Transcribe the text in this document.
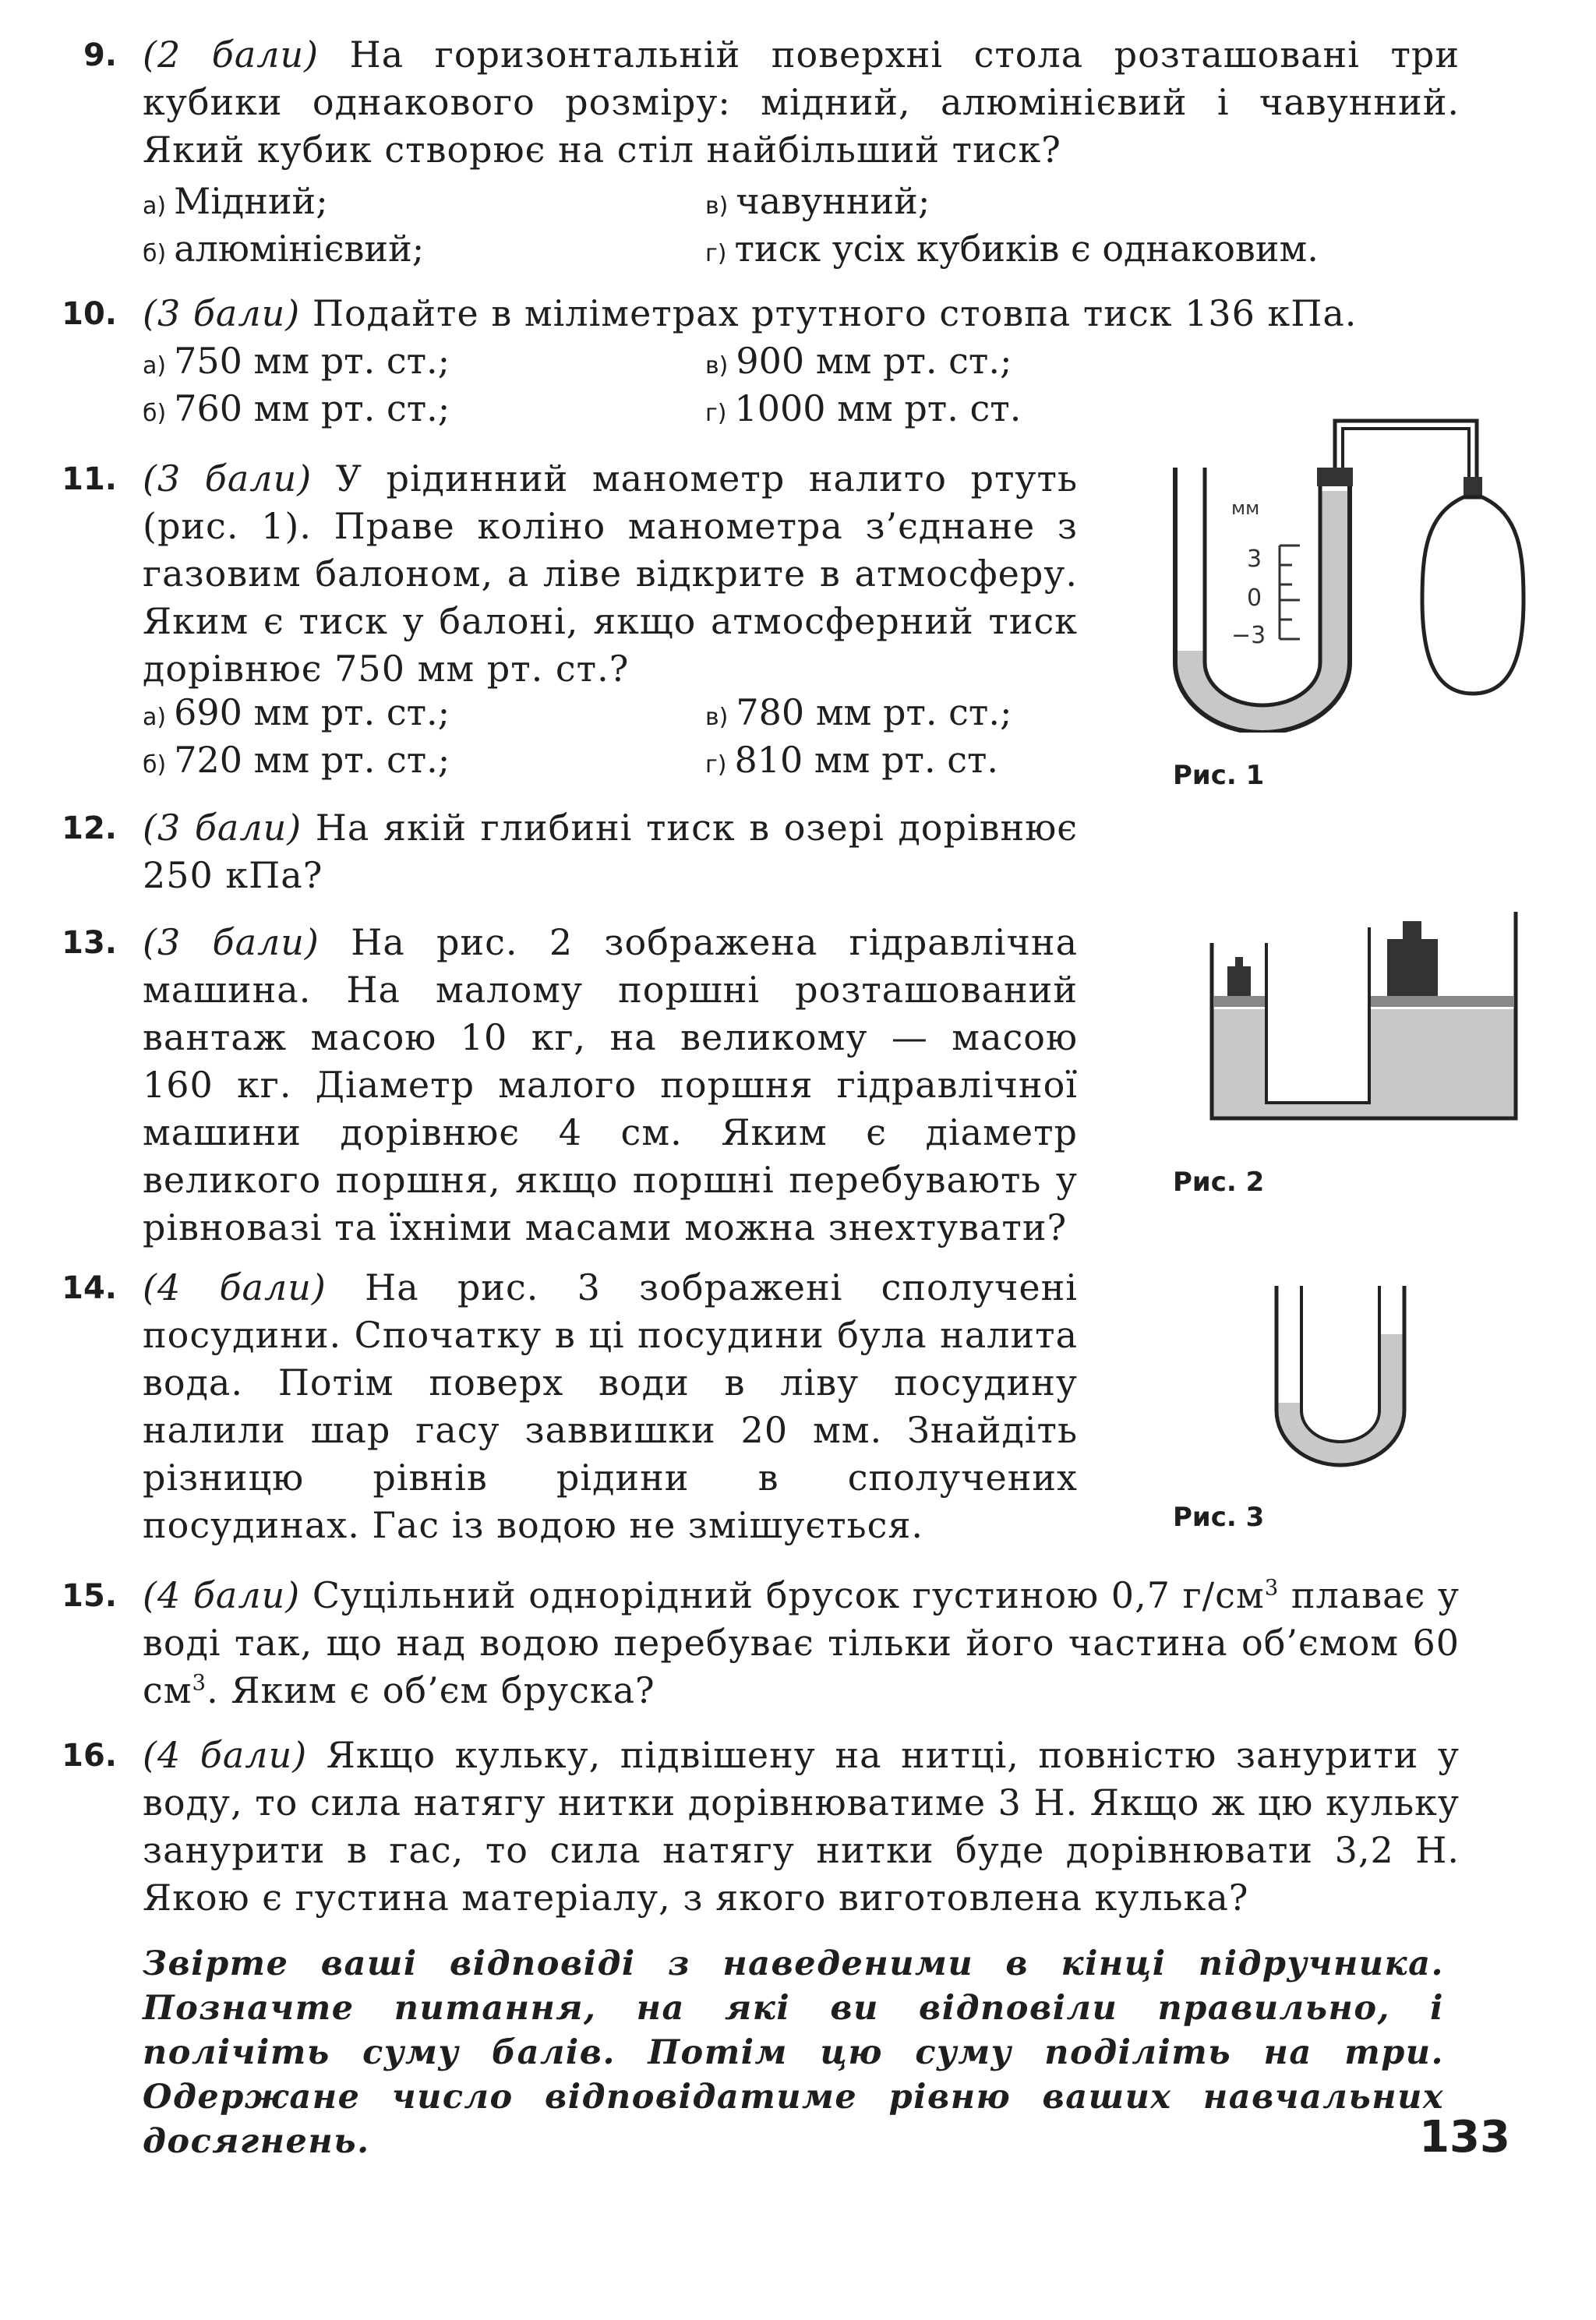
9. (2 бали) На горизонтальній поверхні стола розташовані три кубики однакового розміру: мідний, алюмінієвий і чавунний. Який кубик створює на стіл найбільший тиск?
а) Мідний;
б) алюмінієвий;
в) чавунний;
г) тиск усіх кубиків є однаковим.
10. (3 бали) Подайте в міліметрах ртутного стовпа тиск 136 кПа.
а) 750 мм рт. ст.;
б) 760 мм рт. ст.;
в) 900 мм рт. ст.;
г) 1000 мм рт. ст.
11. (3 бали) У рідинний манометр налито ртуть (рис. 1). Праве коліно манометра з’єднане з газовим балоном, а ліве відкрите в атмосферу. Яким є тиск у балоні, якщо атмосферний тиск дорівнює 750 мм рт. ст.?
а) 690 мм рт. ст.;
б) 720 мм рт. ст.;
в) 780 мм рт. ст.;
г) 810 мм рт. ст.
мм
3
0
−3
Рис. 1
12. (3 бали) На якій глибині тиск в озері дорівнює 250 кПа?
13. (3 бали) На рис. 2 зображена гідравлічна машина. На малому поршні розташований вантаж масою 10 кг, на великому — масою 160 кг. Діаметр малого поршня гідравлічної машини дорівнює 4 см. Яким є діаметр великого поршня, якщо поршні перебувають у рівновазі та їхніми масами можна знехтувати?
Рис. 2
14. (4 бали) На рис. 3 зображені сполучені посудини. Спочатку в ці посудини була налита вода. Потім поверх води в ліву посудину налили шар гасу заввишки 20 мм. Знайдіть різницю рівнів рідини в сполучених посудинах. Гас із водою не змішується.	Рис. 3
15. (4 бали) Суцільний однорідний брусок густиною 0,7 $г/см^3$ плаває у воді так, що над водою перебуває тільки його частина об’ємом 60 $см^3$. Яким є об’єм бруска?
16. (4 бали) Якщо кульку, підвішену на нитці, повністю занурити у воду, то сила натягу нитки дорівнюватиме 3 Н. Якщо ж цю кульку занурити в гас, то сила натягу нитки буде дорівнювати 3,2 Н. Якою є густина матеріалу, з якого виготовлена кулька?
Звірте ваші відповіді з наведеними в кінці підручника. Позначте питання, на які ви відповіли правильно, і полічіть суму балів. Потім цю суму поділіть на три. Одержане число відповідатиме рівню ваших навчальних досягнень.	133
